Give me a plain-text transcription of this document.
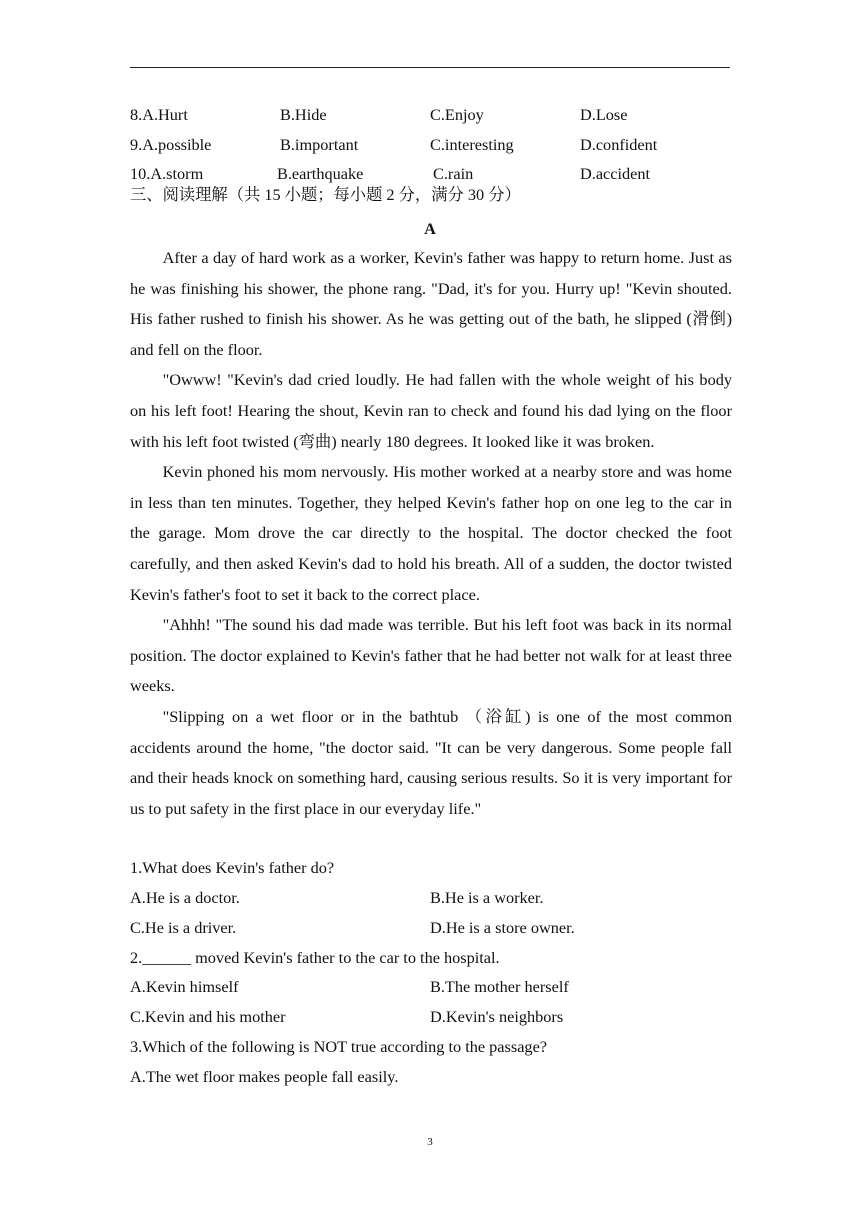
8.A.Hurt	B.Hide	C.Enjoy	D.Lose
9.A.possible	B.important	C.interesting	D.confident
10.A.storm	B.earthquake	C.rain	D.accident
三、阅读理解（共 15 小题；每小题 2 分，满分 30 分）
A

After a day of hard work as a worker, Kevin's father was happy to return home. Just as he was finishing his shower, the phone rang. "Dad, it's for you. Hurry up! "Kevin shouted. His father rushed to finish his shower. As he was getting out of the bath, he slipped (滑倒) and fell on the floor.

"Owww! "Kevin's dad cried loudly. He had fallen with the whole weight of his body on his left foot! Hearing the shout, Kevin ran to check and found his dad lying on the floor with his left foot twisted (弯曲) nearly 180 degrees. It looked like it was broken.

Kevin phoned his mom nervously. His mother worked at a nearby store and was home in less than ten minutes. Together, they helped Kevin's father hop on one leg to the car in the garage. Mom drove the car directly to the hospital. The doctor checked the foot carefully, and then asked Kevin's dad to hold his breath. All of a sudden, the doctor twisted Kevin's father's foot to set it back to the correct place.

"Ahhh! "The sound his dad made was terrible. But his left foot was back in its normal position. The doctor explained to Kevin's father that he had better not walk for at least three weeks.

"Slipping on a wet floor or in the bathtub （浴缸) is one of the most common accidents around the home, "the doctor said. "It can be very dangerous. Some people fall and their heads knock on something hard, causing serious results. So it is very important for us to put safety in the first place in our everyday life."

1.What does Kevin's father do?
A.He is a doctor.	B.He is a worker.
C.He is a driver.	D.He is a store owner.
2.______ moved Kevin's father to the car to the hospital.
A.Kevin himself	B.The mother herself
C.Kevin and his mother	D.Kevin's neighbors
3.Which of the following is NOT true according to the passage?
A.The wet floor makes people fall easily.
3
